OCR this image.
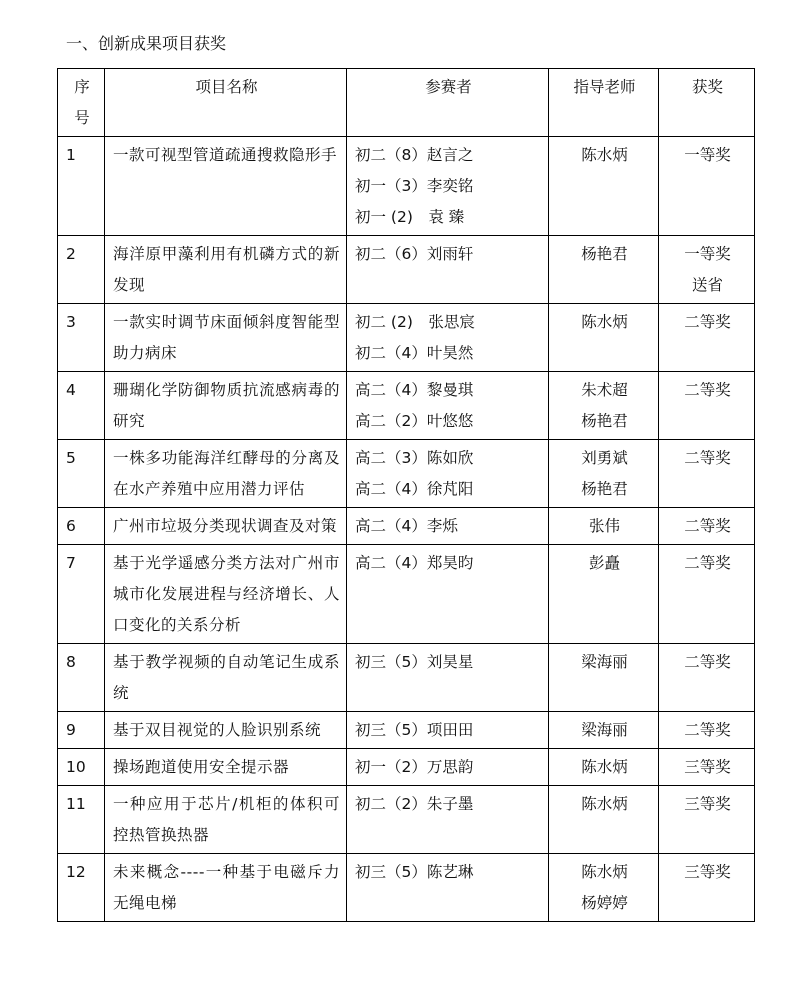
一、创新成果项目获奖
序
号	项目名称	参赛者	指导老师	获奖
1	一款可视型管道疏通搜救隐形手	初二（8）赵言之
初一（3）李奕铭
初一 (2)　袁 臻	陈水炳	一等奖

2	海洋原甲藻利用有机磷方式的新发现	初二（6）刘雨轩	杨艳君	一等奖
送省

3	一款实时调节床面倾斜度智能型助力病床	初二 (2)　张思宸
初二（4）叶昊然	陈水炳	二等奖

4	珊瑚化学防御物质抗流感病毒的研究	高二（4）黎曼琪
高二（2）叶悠悠	朱术超
杨艳君	二等奖

5	一株多功能海洋红酵母的分离及在水产养殖中应用潜力评估	高二（3）陈如欣
高二（4）徐芃阳	刘勇斌
杨艳君	二等奖

6	广州市垃圾分类现状调查及对策	高二（4）李烁	张伟	二等奖

7	基于光学遥感分类方法对广州市城市化发展进程与经济增长、人口变化的关系分析	高二（4）郑昊昀	彭矗	二等奖

8	基于教学视频的自动笔记生成系统	初三（5）刘昊星	梁海丽	二等奖

9	基于双目视觉的人脸识别系统	初三（5）项田田	梁海丽	二等奖

10	操场跑道使用安全提示器	初一（2）万思韵	陈水炳	三等奖

11	一种应用于芯片/机柜的体积可控热管换热器	初二（2）朱子墨	陈水炳	三等奖

12	未来概念----一种基于电磁斥力无绳电梯	初三（5）陈艺琳	陈水炳
杨婷婷	三等奖
